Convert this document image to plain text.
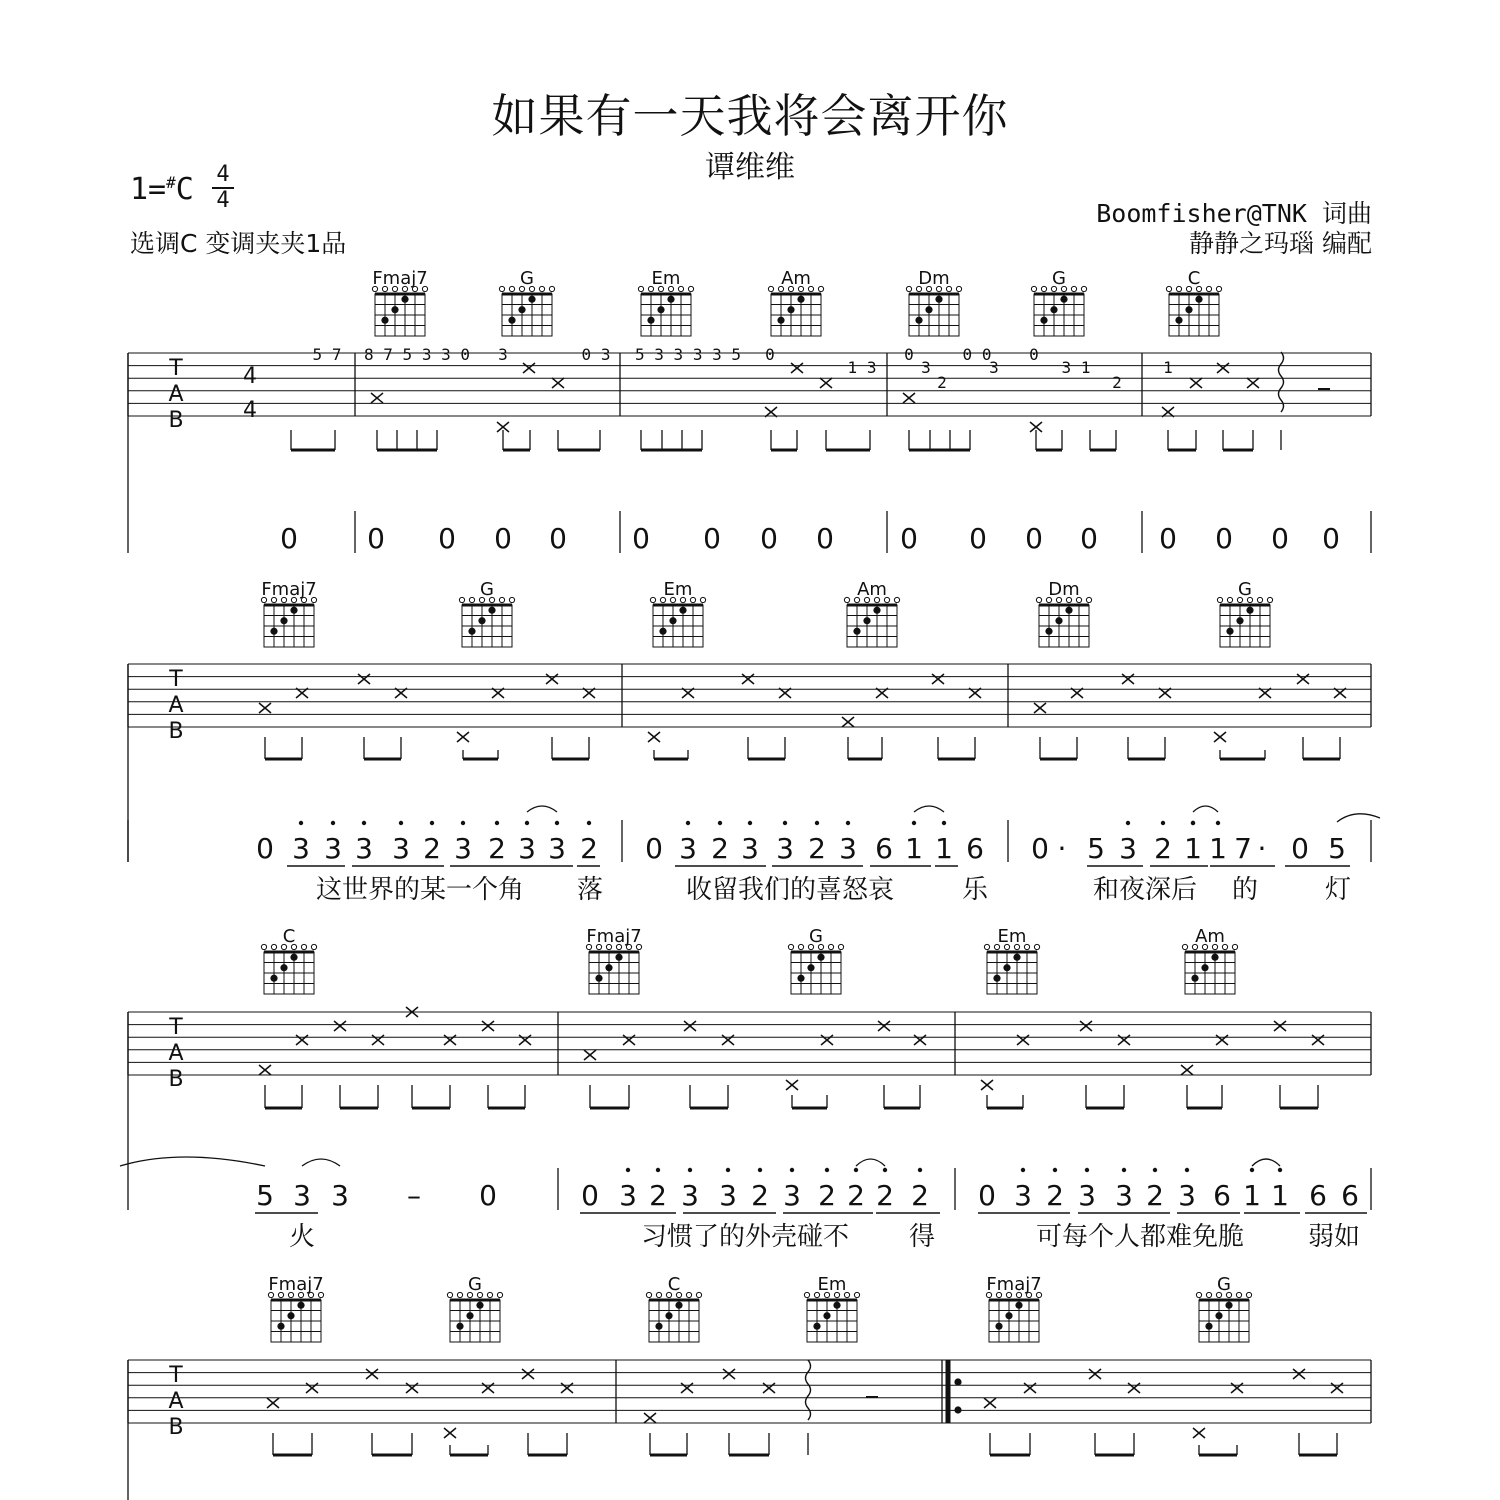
如果有一天我将会离开你
谭维维
1=#C 4
4
选调C 变调夹夹1品
Boomfisher@TNK 词曲
静静之玛瑙 编配
Fmaj7	G	Em	Am	Dm	G	C
T
A
B
4
4
5 7 8 7 5 3 3 0 3	0 3 5 3 3 3 3 5 0
1 3
0
3
0 0
3
0
3 1
2
2
1
0 0 0 0 0 0 0 0 0 0 0 0 0 0 0 0 0
Fmaj7	G	Em	Am	Dm	G
T
A
B
0 3 3 3 3 2 3 2 3 3 2 0 3 2 3 3 2 3 6 1 1 6 0 · 5 3 2 1 1 7 · 0 5
这世界的某一个角 落	收留我们的喜怒哀	乐	和夜深后 的	灯
C	Fmaj7	G	Em	Am
T
A
B
5 3 3 – 0	0 3 2 3 3 2 3 2 2 2 2 0 3 2 3 3 2 3 6 1 1 6 6
火	习惯了的外壳碰不 得	可每个人都难免脆 弱如
Fmaj7	G	C	Em	Fmaj7	G
T
A
B
